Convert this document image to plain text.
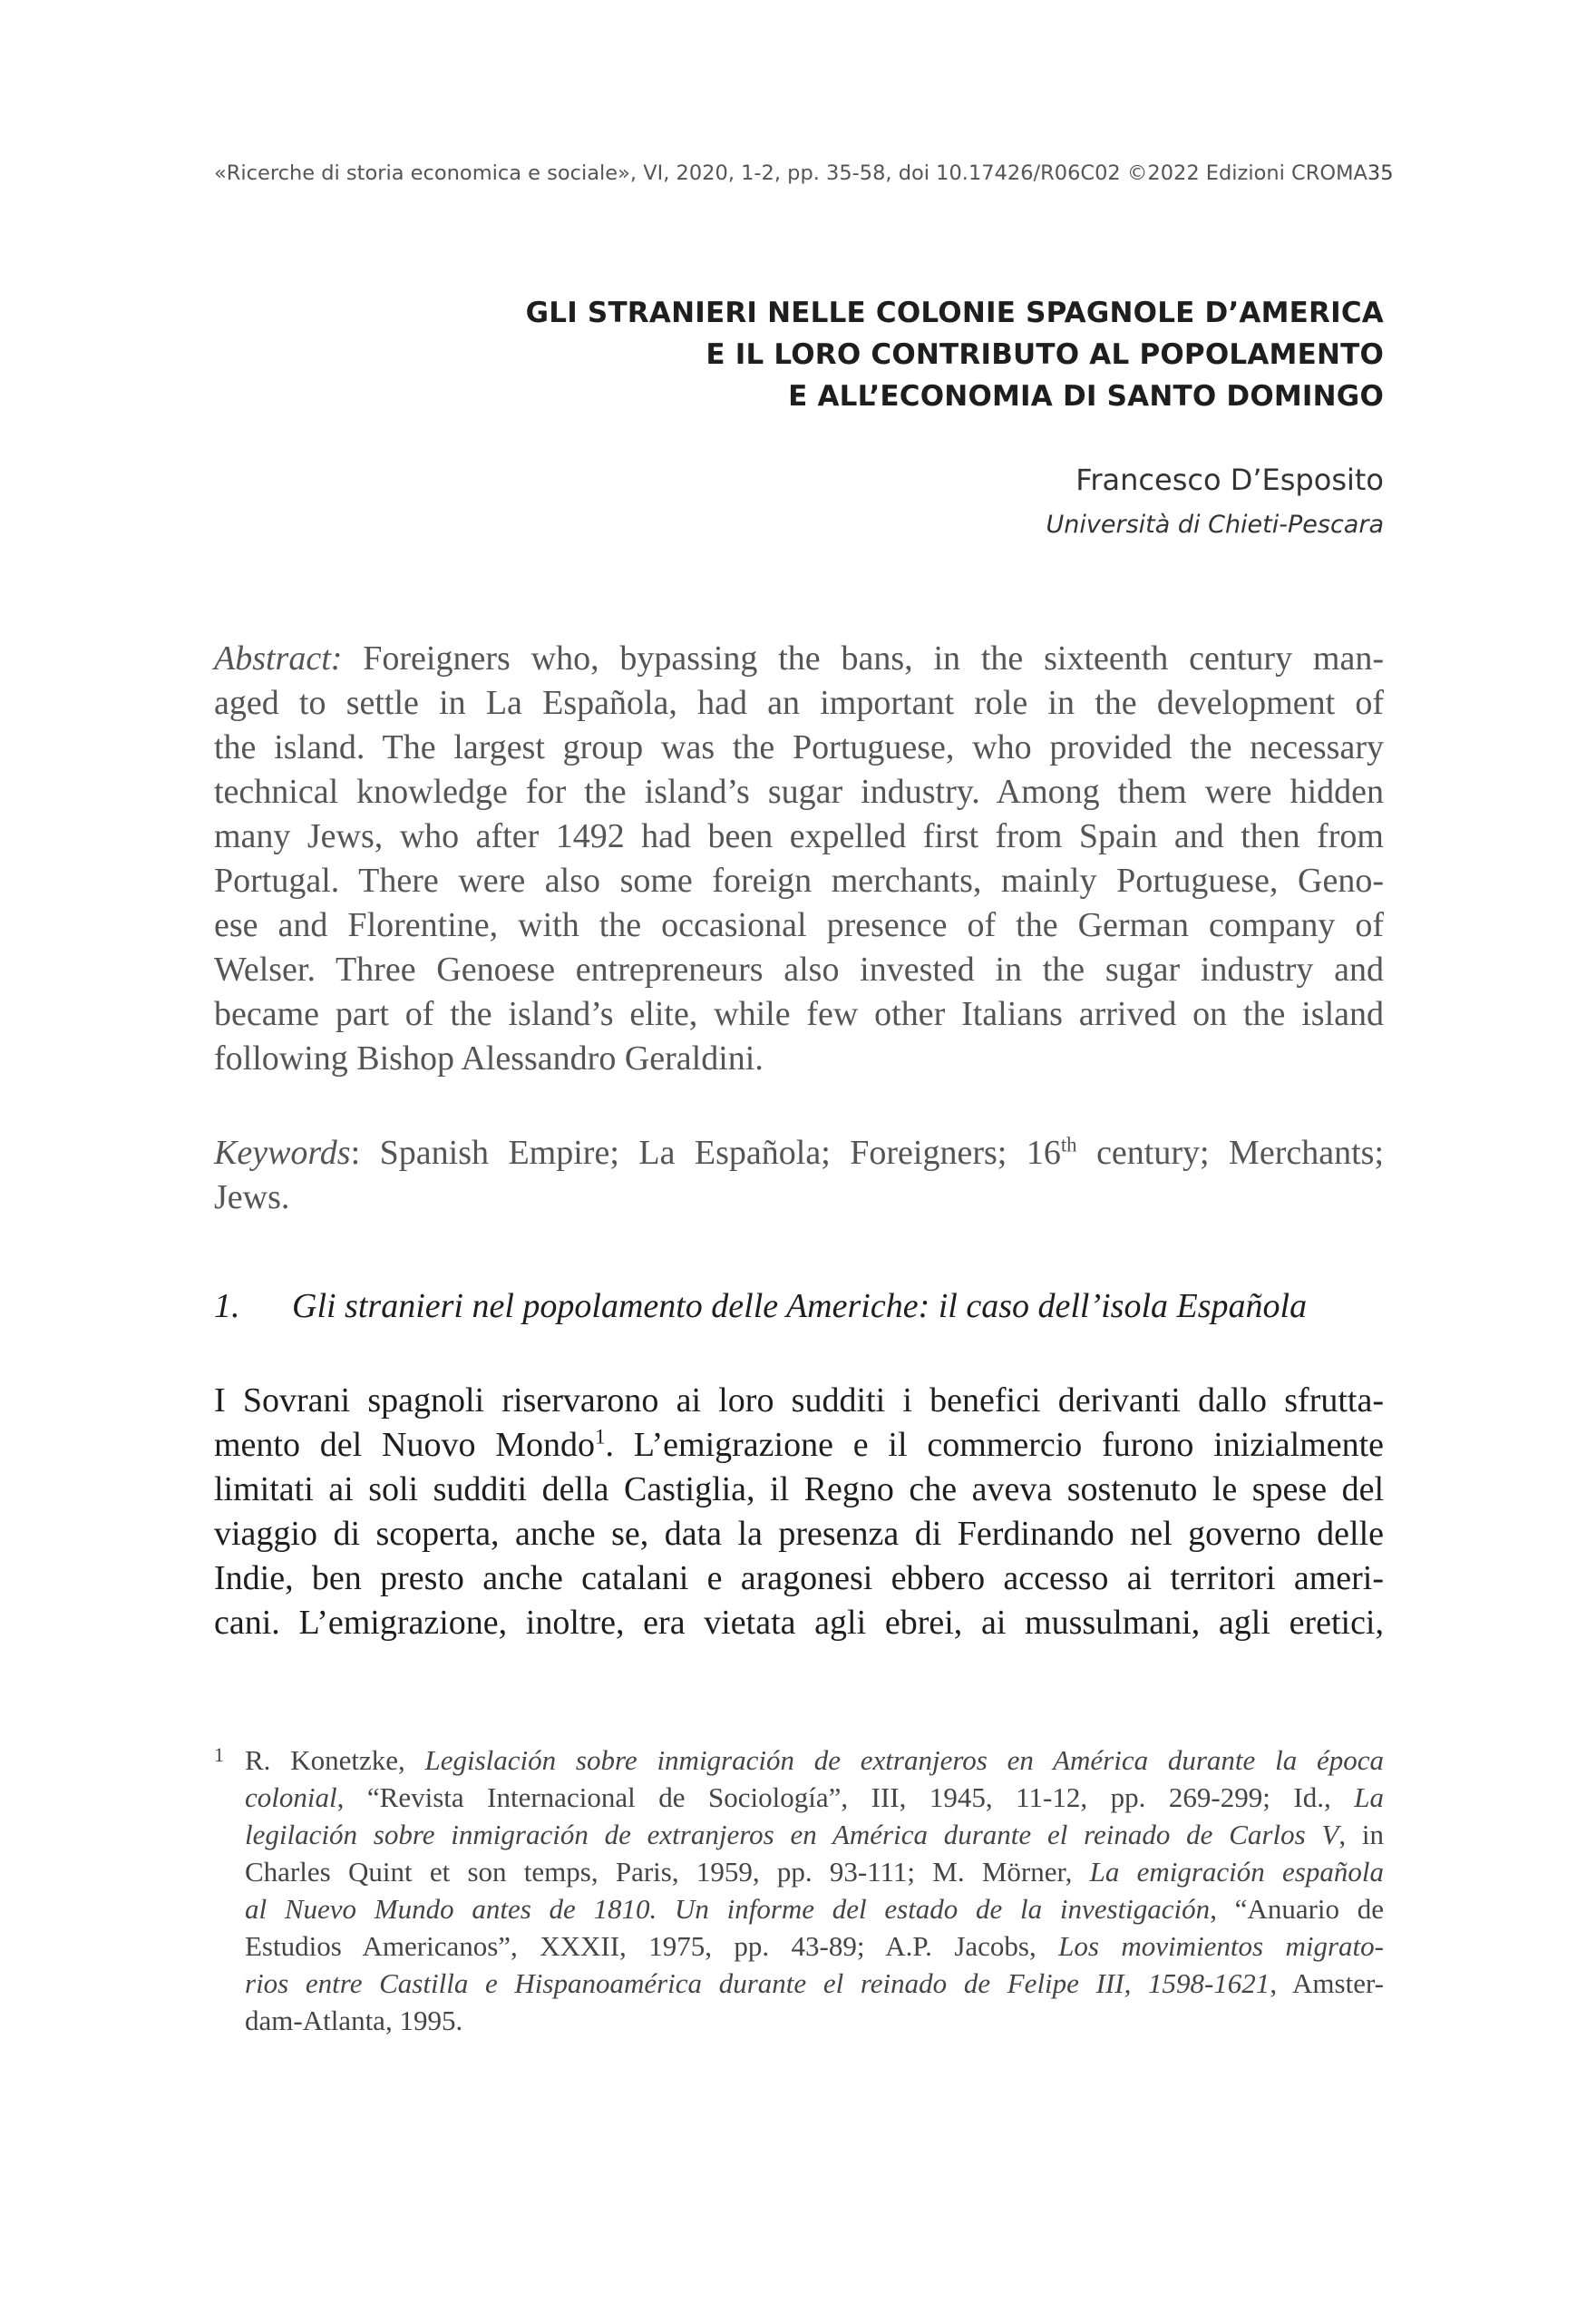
«Ricerche di storia economica e sociale», VI, 2020, 1-2, pp. 35-58, doi 10.17426/R06C02 ©2022 Edizioni CROMA 35
GLI STRANIERI NELLE COLONIE SPAGNOLE D’AMERICA
E IL LORO CONTRIBUTO AL POPOLAMENTO
E ALL’ECONOMIA DI SANTO DOMINGO
Francesco D’Esposito
Università di Chieti-Pescara
Abstract: Foreigners who, bypassing the bans, in the sixteenth century man-
aged to settle in La Española, had an important role in the development of
the island. The largest group was the Portuguese, who provided the necessary
technical knowledge for the island’s sugar industry. Among them were hidden
many Jews, who after 1492 had been expelled first from Spain and then from
Portugal. There were also some foreign merchants, mainly Portuguese, Geno-
ese and Florentine, with the occasional presence of the German company of
Welser. Three Genoese entrepreneurs also invested in the sugar industry and
became part of the island’s elite, while few other Italians arrived on the island
following Bishop Alessandro Geraldini.
Keywords: Spanish Empire; La Española; Foreigners; 16th century; Merchants;
Jews.
1. Gli stranieri nel popolamento delle Americhe: il caso dell’isola Española
I Sovrani spagnoli riservarono ai loro sudditi i benefici derivanti dallo sfrutta-
mento del Nuovo Mondo$^1$. L’emigrazione e il commercio furono inizialmente
limitati ai soli sudditi della Castiglia, il Regno che aveva sostenuto le spese del
viaggio di scoperta, anche se, data la presenza di Ferdinando nel governo delle
Indie, ben presto anche catalani e aragonesi ebbero accesso ai territori ameri-
cani. L’emigrazione, inoltre, era vietata agli ebrei, ai mussulmani, agli eretici,
1 R. Konetzke, Legislación sobre inmigración de extranjeros en América durante la época
colonial, “Revista Internacional de Sociología”, III, 1945, 11-12, pp. 269-299; Id., La
legilación sobre inmigración de extranjeros en América durante el reinado de Carlos V, in
Charles Quint et son temps, Paris, 1959, pp. 93-111; M. Mörner, La emigración española
al Nuevo Mundo antes de 1810. Un informe del estado de la investigación, “Anuario de
Estudios Americanos”, XXXII, 1975, pp. 43-89; A.P. Jacobs, Los movimientos migrato-
rios entre Castilla e Hispanoamérica durante el reinado de Felipe III, 1598-1621, Amster-
dam-Atlanta, 1995.
